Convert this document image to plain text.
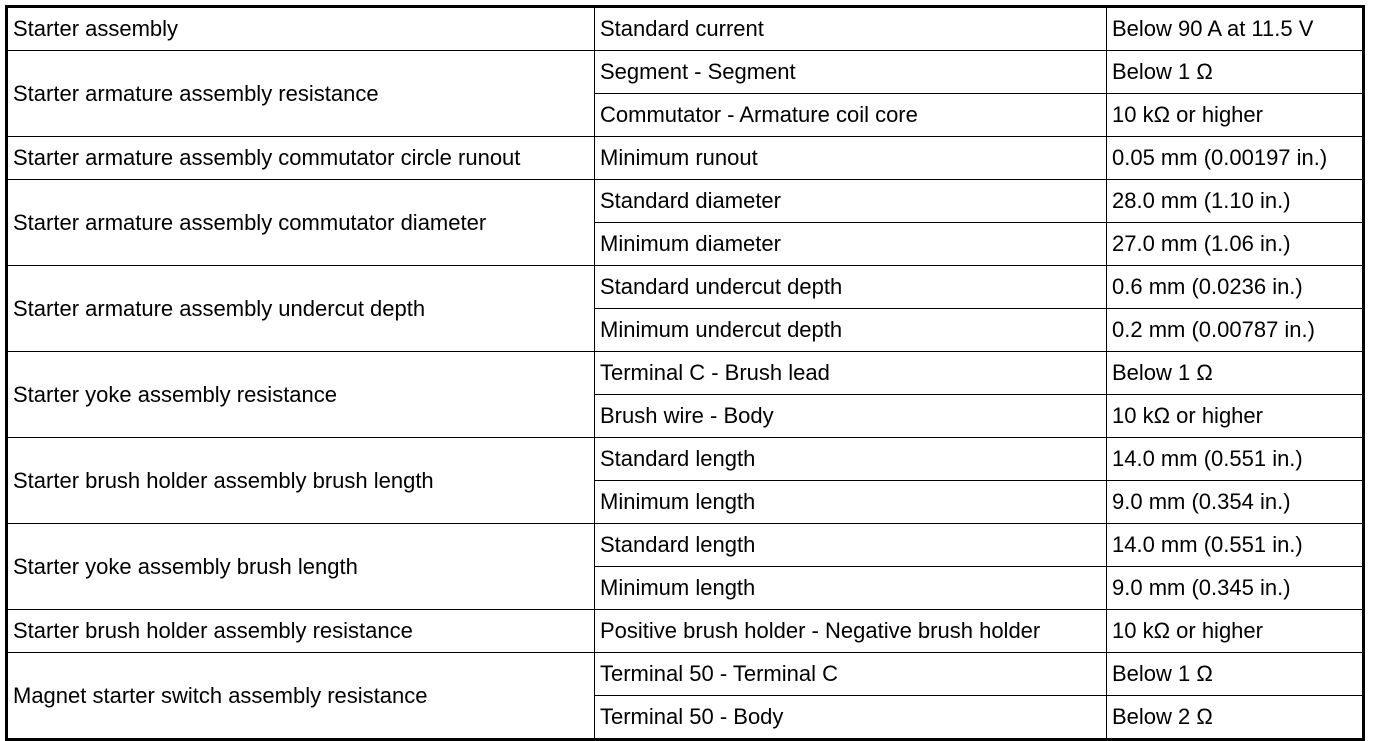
Starter assembly	Standard current	Below 90 A at 11.5 V
Starter armature assembly resistance	Segment - Segment	Below 1 Ω
	Commutator - Armature coil core	10 kΩ or higher
Starter armature assembly commutator circle runout	Minimum runout	0.05 mm (0.00197 in.)
Starter armature assembly commutator diameter	Standard diameter	28.0 mm (1.10 in.)
	Minimum diameter	27.0 mm (1.06 in.)
Starter armature assembly undercut depth	Standard undercut depth	0.6 mm (0.0236 in.)
	Minimum undercut depth	0.2 mm (0.00787 in.)
Starter yoke assembly resistance	Terminal C - Brush lead	Below 1 Ω
	Brush wire - Body	10 kΩ or higher
Starter brush holder assembly brush length	Standard length	14.0 mm (0.551 in.)
	Minimum length	9.0 mm (0.354 in.)
Starter yoke assembly brush length	Standard length	14.0 mm (0.551 in.)
	Minimum length	9.0 mm (0.345 in.)
Starter brush holder assembly resistance	Positive brush holder - Negative brush holder	10 kΩ or higher
Magnet starter switch assembly resistance	Terminal 50 - Terminal C	Below 1 Ω
	Terminal 50 - Body	Below 2 Ω
